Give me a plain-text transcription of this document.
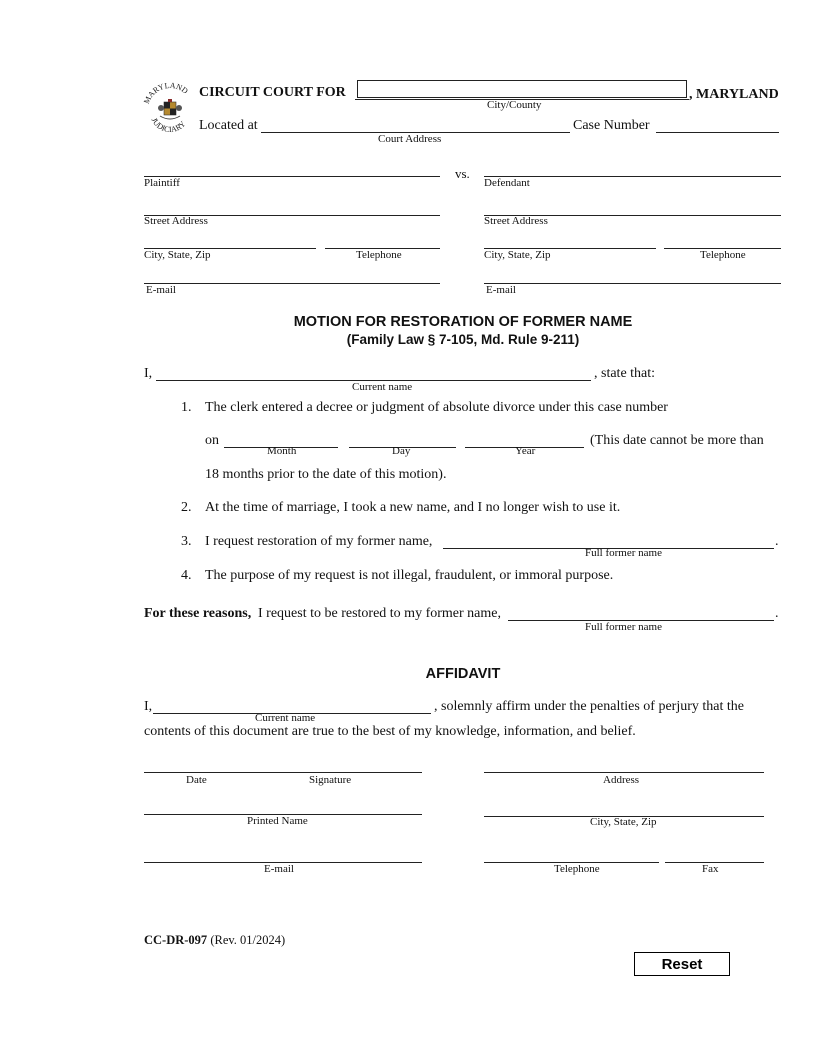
MARYLAND
JUDICIARY
CIRCUIT COURT FOR	, MARYLAND
City/County
Located at
Court Address
Case Number
Plaintiff
vs.
Defendant
Street Address	Street Address
City, State, Zip	Telephone	City, State, Zip	Telephone
E-mail	E-mail
MOTION FOR RESTORATION OF FORMER NAME
(Family Law § 7-105, Md. Rule 9-211)
I,	, state that:
Current name
1. The clerk entered a decree or judgment of absolute divorce under this case number
on	(This date cannot be more than
Month	Day	Year
18 months prior to the date of this motion).
2. At the time of marriage, I took a new name, and I no longer wish to use it.
3. I request restoration of my former name,	.
Full former name
4. The purpose of my request is not illegal, fraudulent, or immoral purpose.
For these reasons, I request to be restored to my former name,	.
Full former name
AFFIDAVIT
I,	, solemnly affirm under the penalties of perjury that the
Current name
contents of this document are true to the best of my knowledge, information, and belief.
Date	Signature	Address
Printed Name	City, State, Zip
E-mail	Telephone	Fax
CC-DR-097 (Rev. 01/2024)
Reset
